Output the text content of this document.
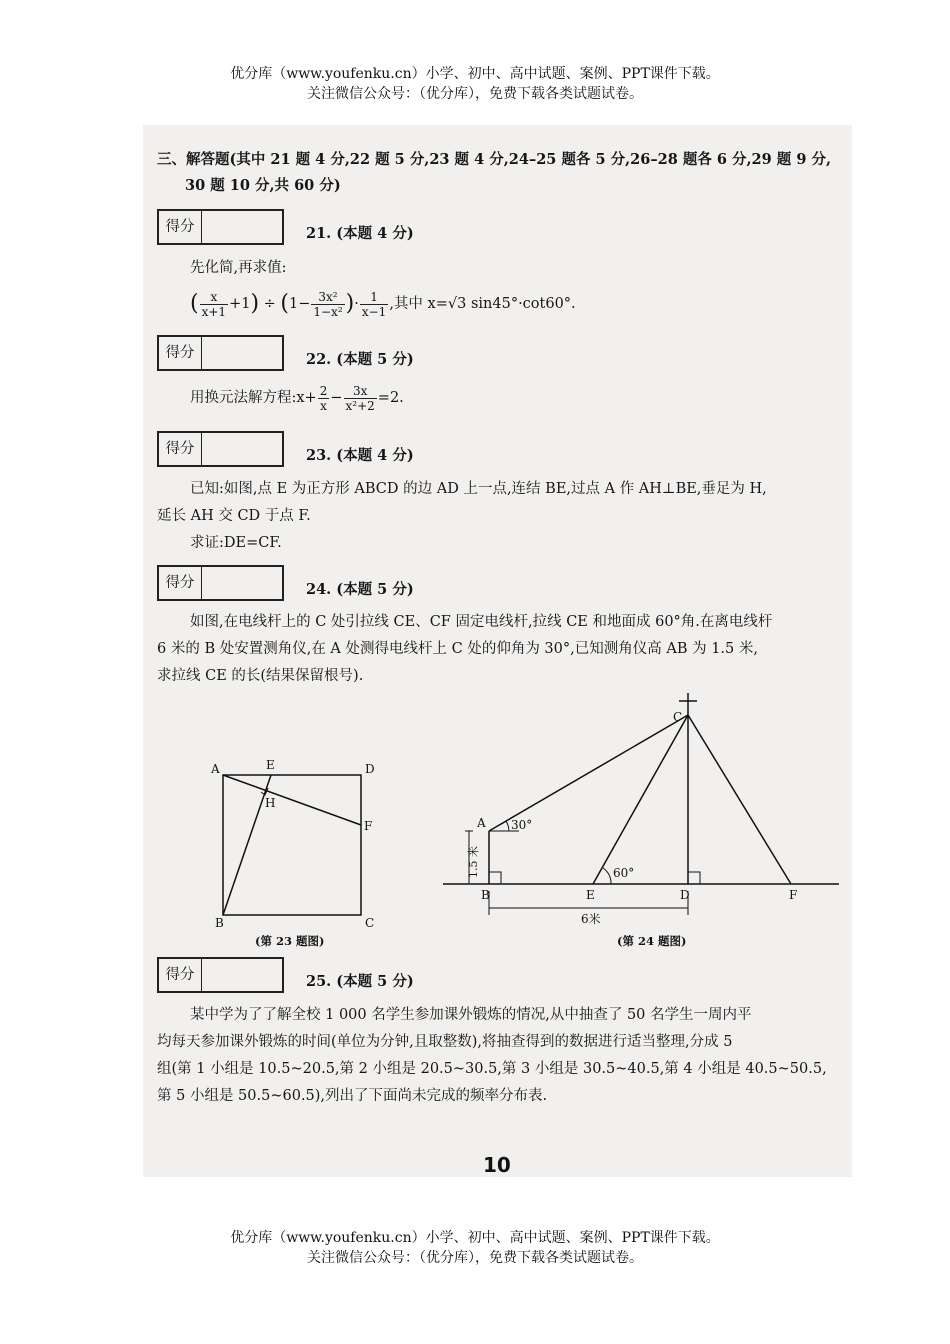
优分库（www.youfenku.cn）小学、初中、高中试题、案例、PPT课件下载。
关注微信公众号：（优分库），免费下载各类试题试卷。
三、解答题(其中 21 题 4 分,22 题 5 分,23 题 4 分,24–25 题各 5 分,26–28 题各 6 分,29 题 9 分,
30 题 10 分,共 60 分)
得分	21. (本题 4 分)
先化简,再求值:
( $\frac{x}{x+1} +1) \div (1- \frac{\text{3x²}}{\text{1−x²}}$ )· $\frac{1}{x-1}$ ,其中 x=√3 sin45°·cot60°.
得分	22. (本题 5 分)
用换元法解方程:x+ $\frac{2}{x} - \frac{3x}{\text{x²+2}} =2$.
得分	23. (本题 4 分)
已知:如图,点 E 为正方形 ABCD 的边 AD 上一点,连结 BE,过点 A 作 AH⊥BE,垂足为 H,
延长 AH 交 CD 于点 F.
求证:DE=CF.
得分	24. (本题 5 分)
如图,在电线杆上的 C 处引拉线 CE、CF 固定电线杆,拉线 CE 和地面成 60°角.在离电线杆
6 米的 B 处安置测角仪,在 A 处测得电线杆上 C 处的仰角为 30°,已知测角仪高 AB 为 1.5 米,
求拉线 CE 的长(结果保留根号).
A	E	D
H
F
B	C
(第 23 题图)
C
A 30°
1.5 米
B	E
60°
D	F
6米
(第 24 题图)
得分	25. (本题 5 分)
某中学为了了解全校 1 000 名学生参加课外锻炼的情况,从中抽查了 50 名学生一周内平
均每天参加课外锻炼的时间(单位为分钟,且取整数),将抽查得到的数据进行适当整理,分成 5
组(第 1 小组是 10.5~20.5,第 2 小组是 20.5~30.5,第 3 小组是 30.5~40.5,第 4 小组是 40.5~50.5,
第 5 小组是 50.5~60.5),列出了下面尚未完成的频率分布表.
10
优分库（www.youfenku.cn）小学、初中、高中试题、案例、PPT课件下载。
关注微信公众号：（优分库），免费下载各类试题试卷。
